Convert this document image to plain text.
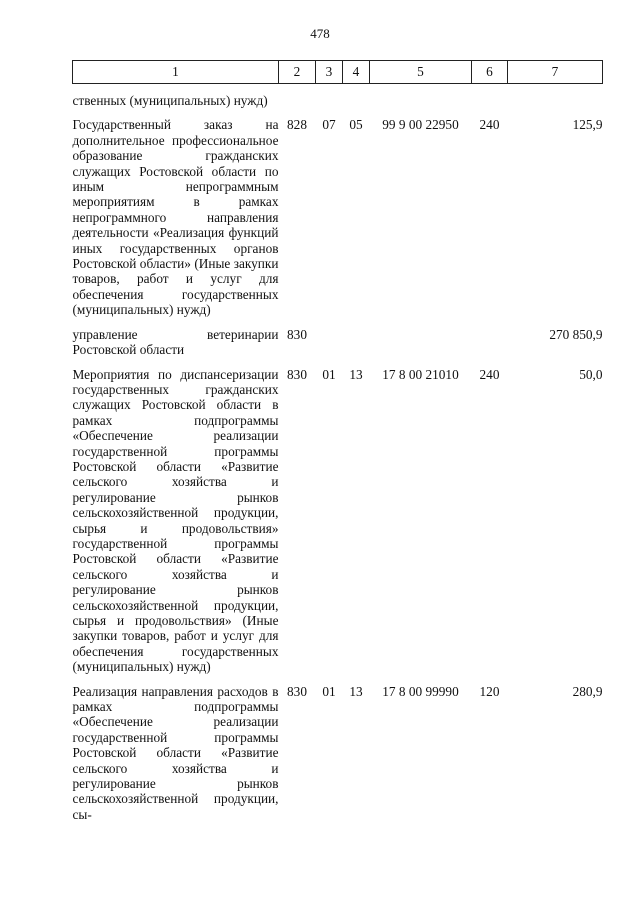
478
1	2	3	4	5	6	7

ственных (муниципальных) нужд)						

Государственный заказ на дополнительное профессиональное образование гражданских служащих Ростовской области по иным непрограммным мероприятиям в рамках непрограммного направления деятельности «Реализация функций иных государственных органов Ростовской области» (Иные закупки товаров, работ и услуг для обеспечения государственных (муниципальных) нужд)	828	07	05	99 9 00 22950	240	125,9

управление ветеринарии Ростовской области	830					270 850,9

Мероприятия по диспансеризации государственных гражданских служащих Ростовской области в рамках подпрограммы «Обеспечение реализации государственной программы Ростовской области «Развитие сельского хозяйства и регулирование рынков сельскохозяйственной продукции, сырья и продовольствия» государственной программы Ростовской области «Развитие сельского хозяйства и регулирование рынков сельскохозяйственной продукции, сырья и продовольствия» (Иные закупки товаров, работ и услуг для обеспечения государственных (муниципальных) нужд)	830	01	13	17 8 00 21010	240	50,0

Реализация направления расходов в рамках подпрограммы «Обеспечение реализации государственной программы Ростовской области «Развитие сельского хозяйства и регулирование рынков сельскохозяйственной продукции, сы-	830	01	13	17 8 00 99990	120	280,9
